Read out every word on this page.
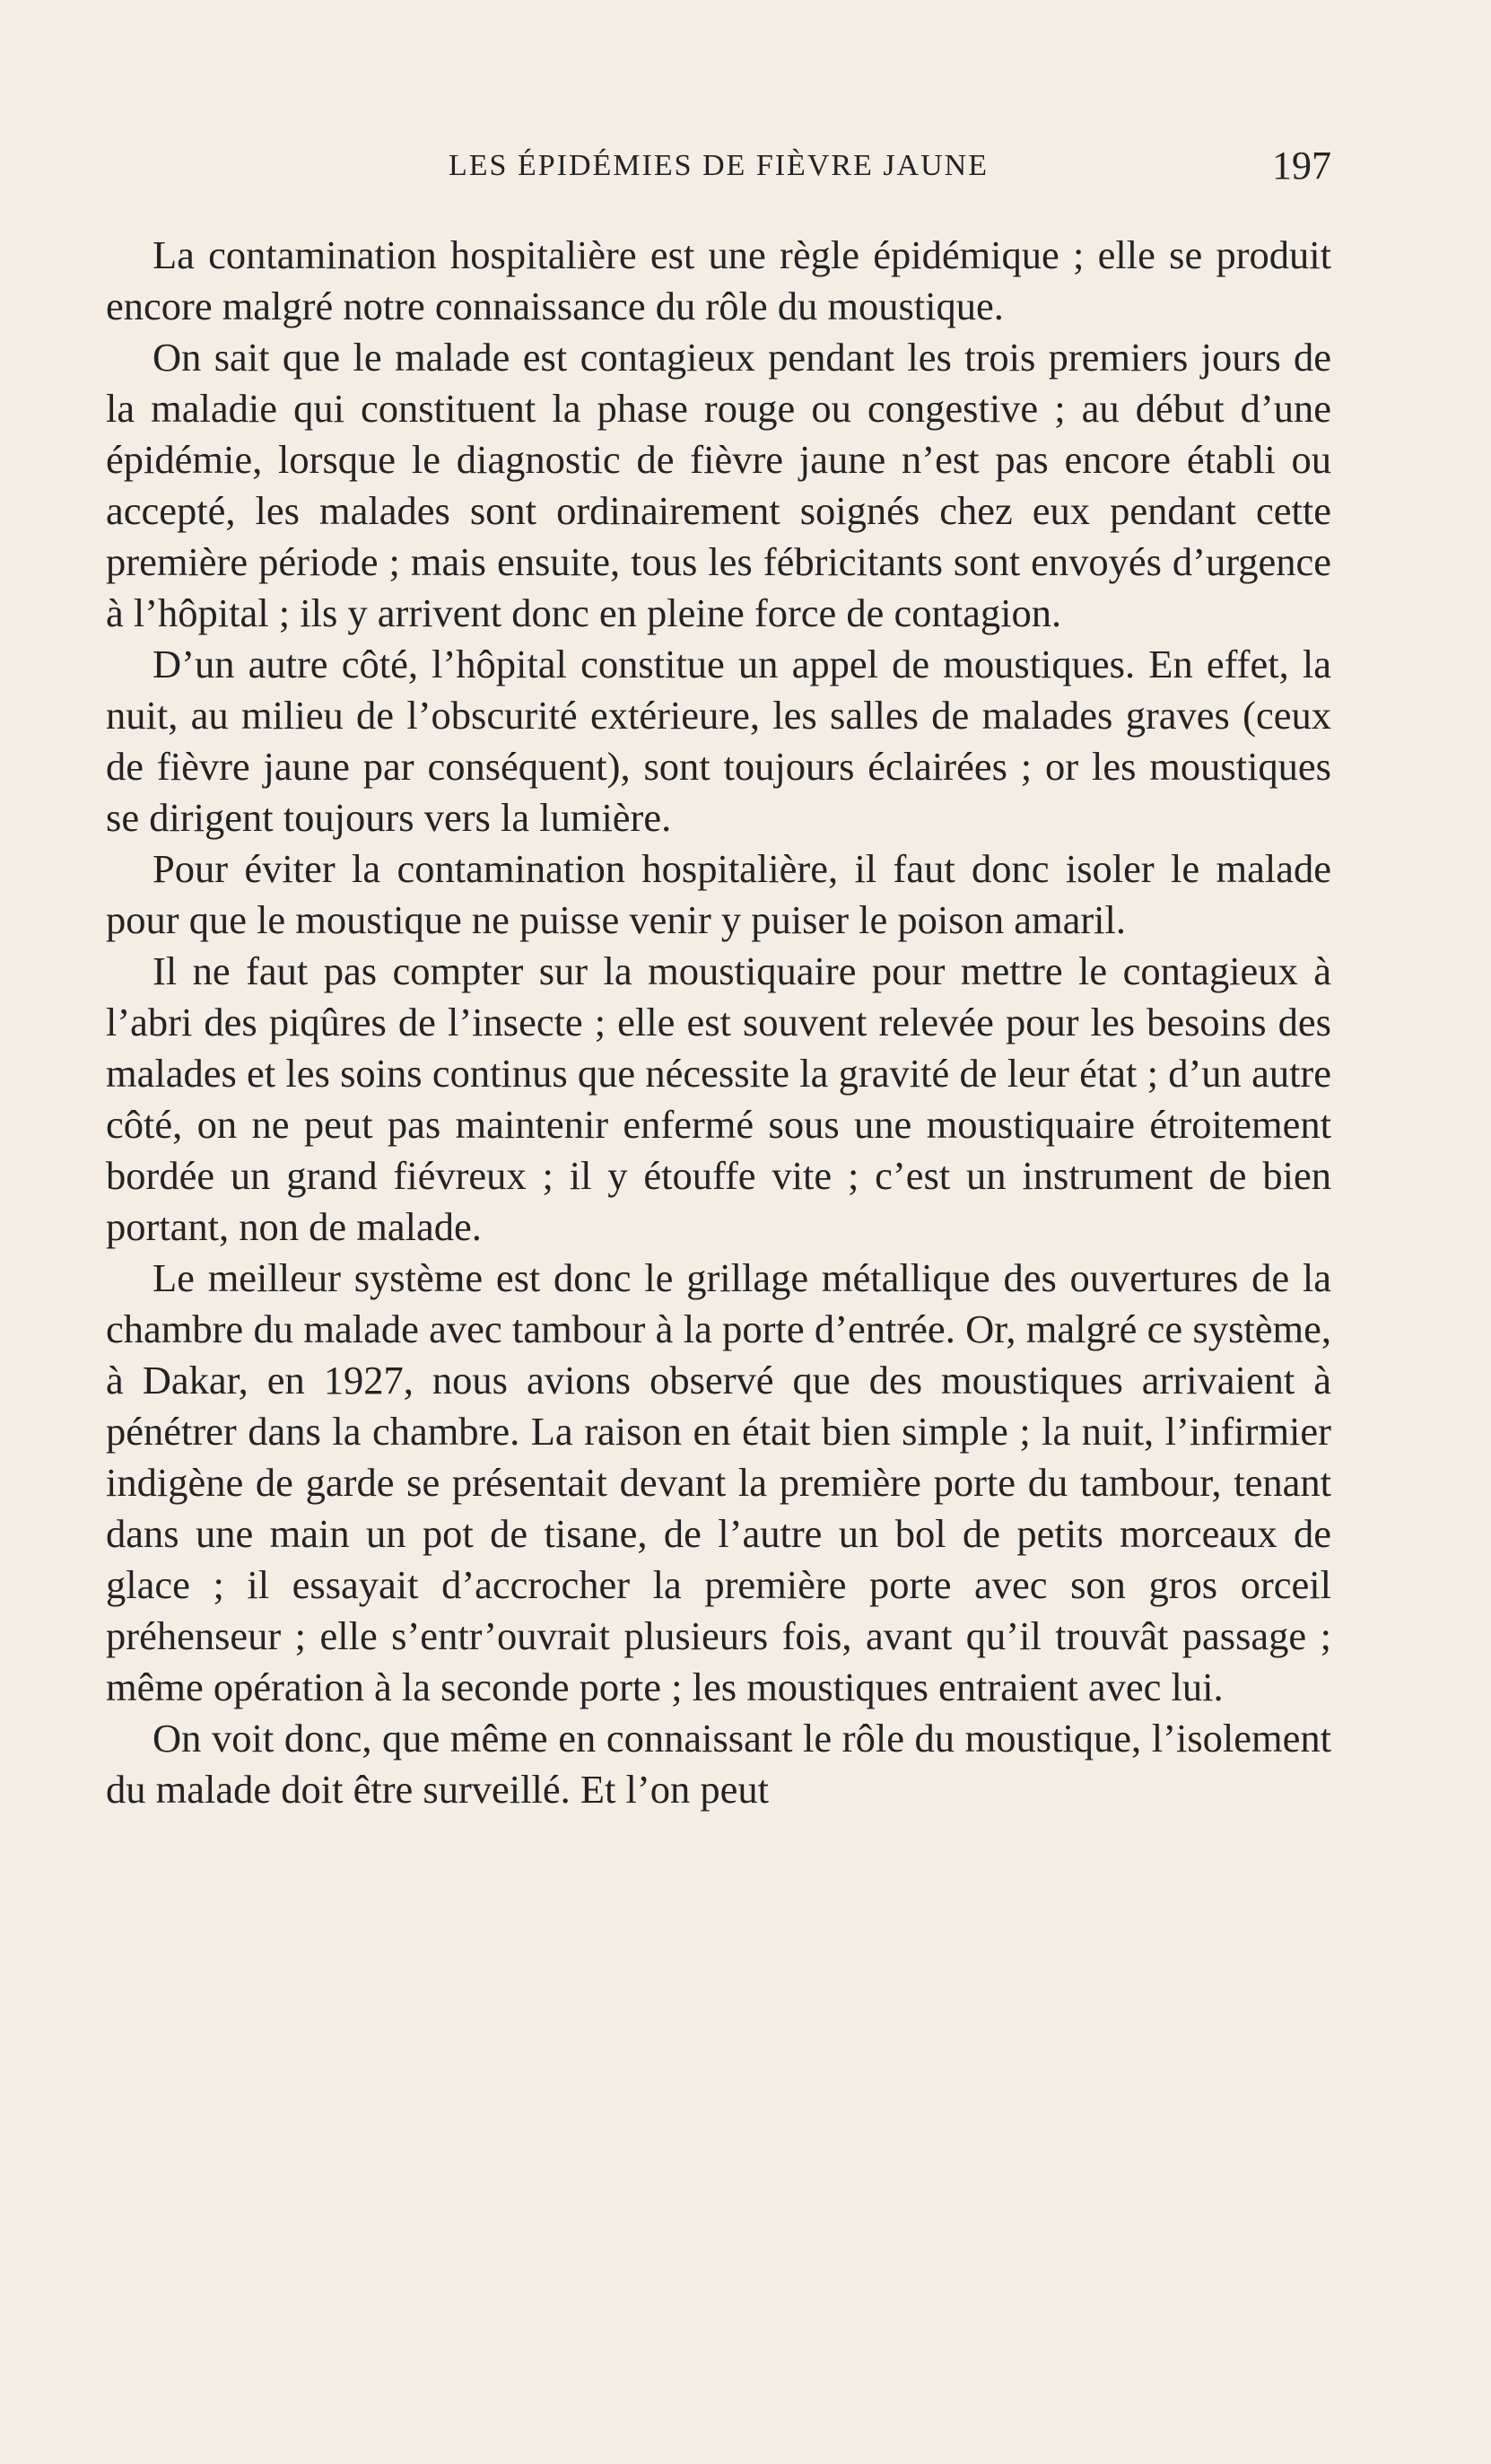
LES ÉPIDÉMIES DE FIÈVRE JAUNE	197

La contamination hospitalière est une règle épidémique ; elle se produit encore malgré notre connaissance du rôle du moustique.

On sait que le malade est contagieux pendant les trois premiers jours de la maladie qui constituent la phase rouge ou congestive ; au début d’une épidémie, lorsque le diagnostic de fièvre jaune n’est pas encore établi ou accepté, les malades sont ordinairement soignés chez eux pendant cette première période ; mais ensuite, tous les fébricitants sont envoyés d’urgence à l’hôpital ; ils y arrivent donc en pleine force de contagion.

D’un autre côté, l’hôpital constitue un appel de moustiques. En effet, la nuit, au milieu de l’obscurité extérieure, les salles de malades graves (ceux de fièvre jaune par conséquent), sont toujours éclairées ; or les moustiques se dirigent toujours vers la lumière.

Pour éviter la contamination hospitalière, il faut donc isoler le malade pour que le moustique ne puisse venir y puiser le poison amaril.

Il ne faut pas compter sur la moustiquaire pour mettre le contagieux à l’abri des piqûres de l’insecte ; elle est souvent relevée pour les besoins des malades et les soins continus que nécessite la gravité de leur état ; d’un autre côté, on ne peut pas maintenir enfermé sous une moustiquaire étroitement bordée un grand fiévreux ; il y étouffe vite ; c’est un instrument de bien portant, non de malade.

Le meilleur système est donc le grillage métallique des ouvertures de la chambre du malade avec tambour à la porte d’entrée. Or, malgré ce système, à Dakar, en 1927, nous avions observé que des moustiques arrivaient à pénétrer dans la chambre. La raison en était bien simple ; la nuit, l’infirmier indigène de garde se présentait devant la première porte du tambour, tenant dans une main un pot de tisane, de l’autre un bol de petits morceaux de glace ; il essayait d’accrocher la première porte avec son gros orceil préhenseur ; elle s’entr’ouvrait plusieurs fois, avant qu’il trouvât passage ; même opération à la seconde porte ; les moustiques entraient avec lui.

On voit donc, que même en connaissant le rôle du moustique, l’isolement du malade doit être surveillé. Et l’on peut
